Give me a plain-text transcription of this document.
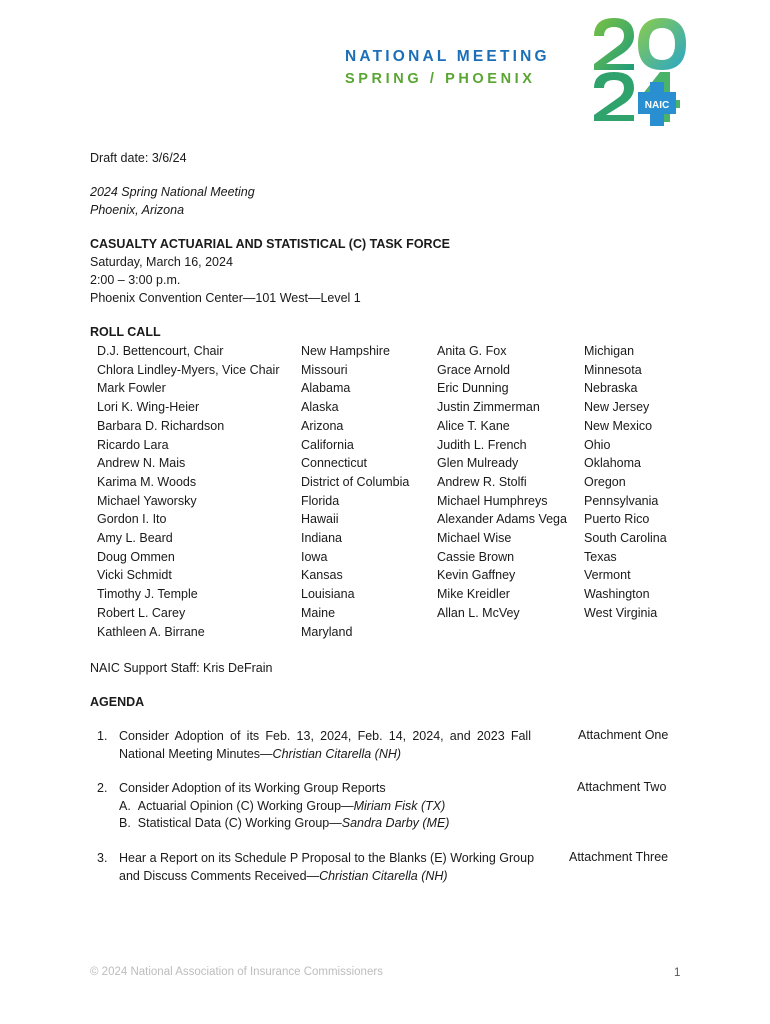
NATIONAL MEETING
SPRING / PHOENIX
NAIC
Draft date: 3/6/24
2024 Spring National Meeting
Phoenix, Arizona
CASUALTY ACTUARIAL AND STATISTICAL (C) TASK FORCE
Saturday, March 16, 2024
2:00 – 3:00 p.m.
Phoenix Convention Center—101 West—Level 1
ROLL CALL
D.J. Bettencourt, Chair
Chlora Lindley-Myers, Vice Chair
Mark Fowler
Lori K. Wing-Heier
Barbara D. Richardson
Ricardo Lara
Andrew N. Mais
Karima M. Woods
Michael Yaworsky
Gordon I. Ito
Amy L. Beard
Doug Ommen
Vicki Schmidt
Timothy J. Temple
Robert L. Carey
Kathleen A. Birrane
New Hampshire
Missouri
Alabama
Alaska
Arizona
California
Connecticut
District of Columbia
Florida
Hawaii
Indiana
Iowa
Kansas
Louisiana
Maine
Maryland
Anita G. Fox
Grace Arnold
Eric Dunning
Justin Zimmerman
Alice T. Kane
Judith L. French
Glen Mulready
Andrew R. Stolfi
Michael Humphreys
Alexander Adams Vega
Michael Wise
Cassie Brown
Kevin Gaffney
Mike Kreidler
Allan L. McVey
Michigan
Minnesota
Nebraska
New Jersey
New Mexico
Ohio
Oklahoma
Oregon
Pennsylvania
Puerto Rico
South Carolina
Texas
Vermont
Washington
West Virginia
NAIC Support Staff: Kris DeFrain
AGENDA
1. Consider Adoption of its Feb. 13, 2024, Feb. 14, 2024, and 2023 Fall National Meeting Minutes—Christian Citarella (NH)
Attachment One
2. Consider Adoption of its Working Group Reports
A. Actuarial Opinion (C) Working Group—Miriam Fisk (TX)
B. Statistical Data (C) Working Group—Sandra Darby (ME)
Attachment Two
3. Hear a Report on its Schedule P Proposal to the Blanks (E) Working Group
and Discuss Comments Received—Christian Citarella (NH)
Attachment Three
© 2024 National Association of Insurance Commissioners	1
